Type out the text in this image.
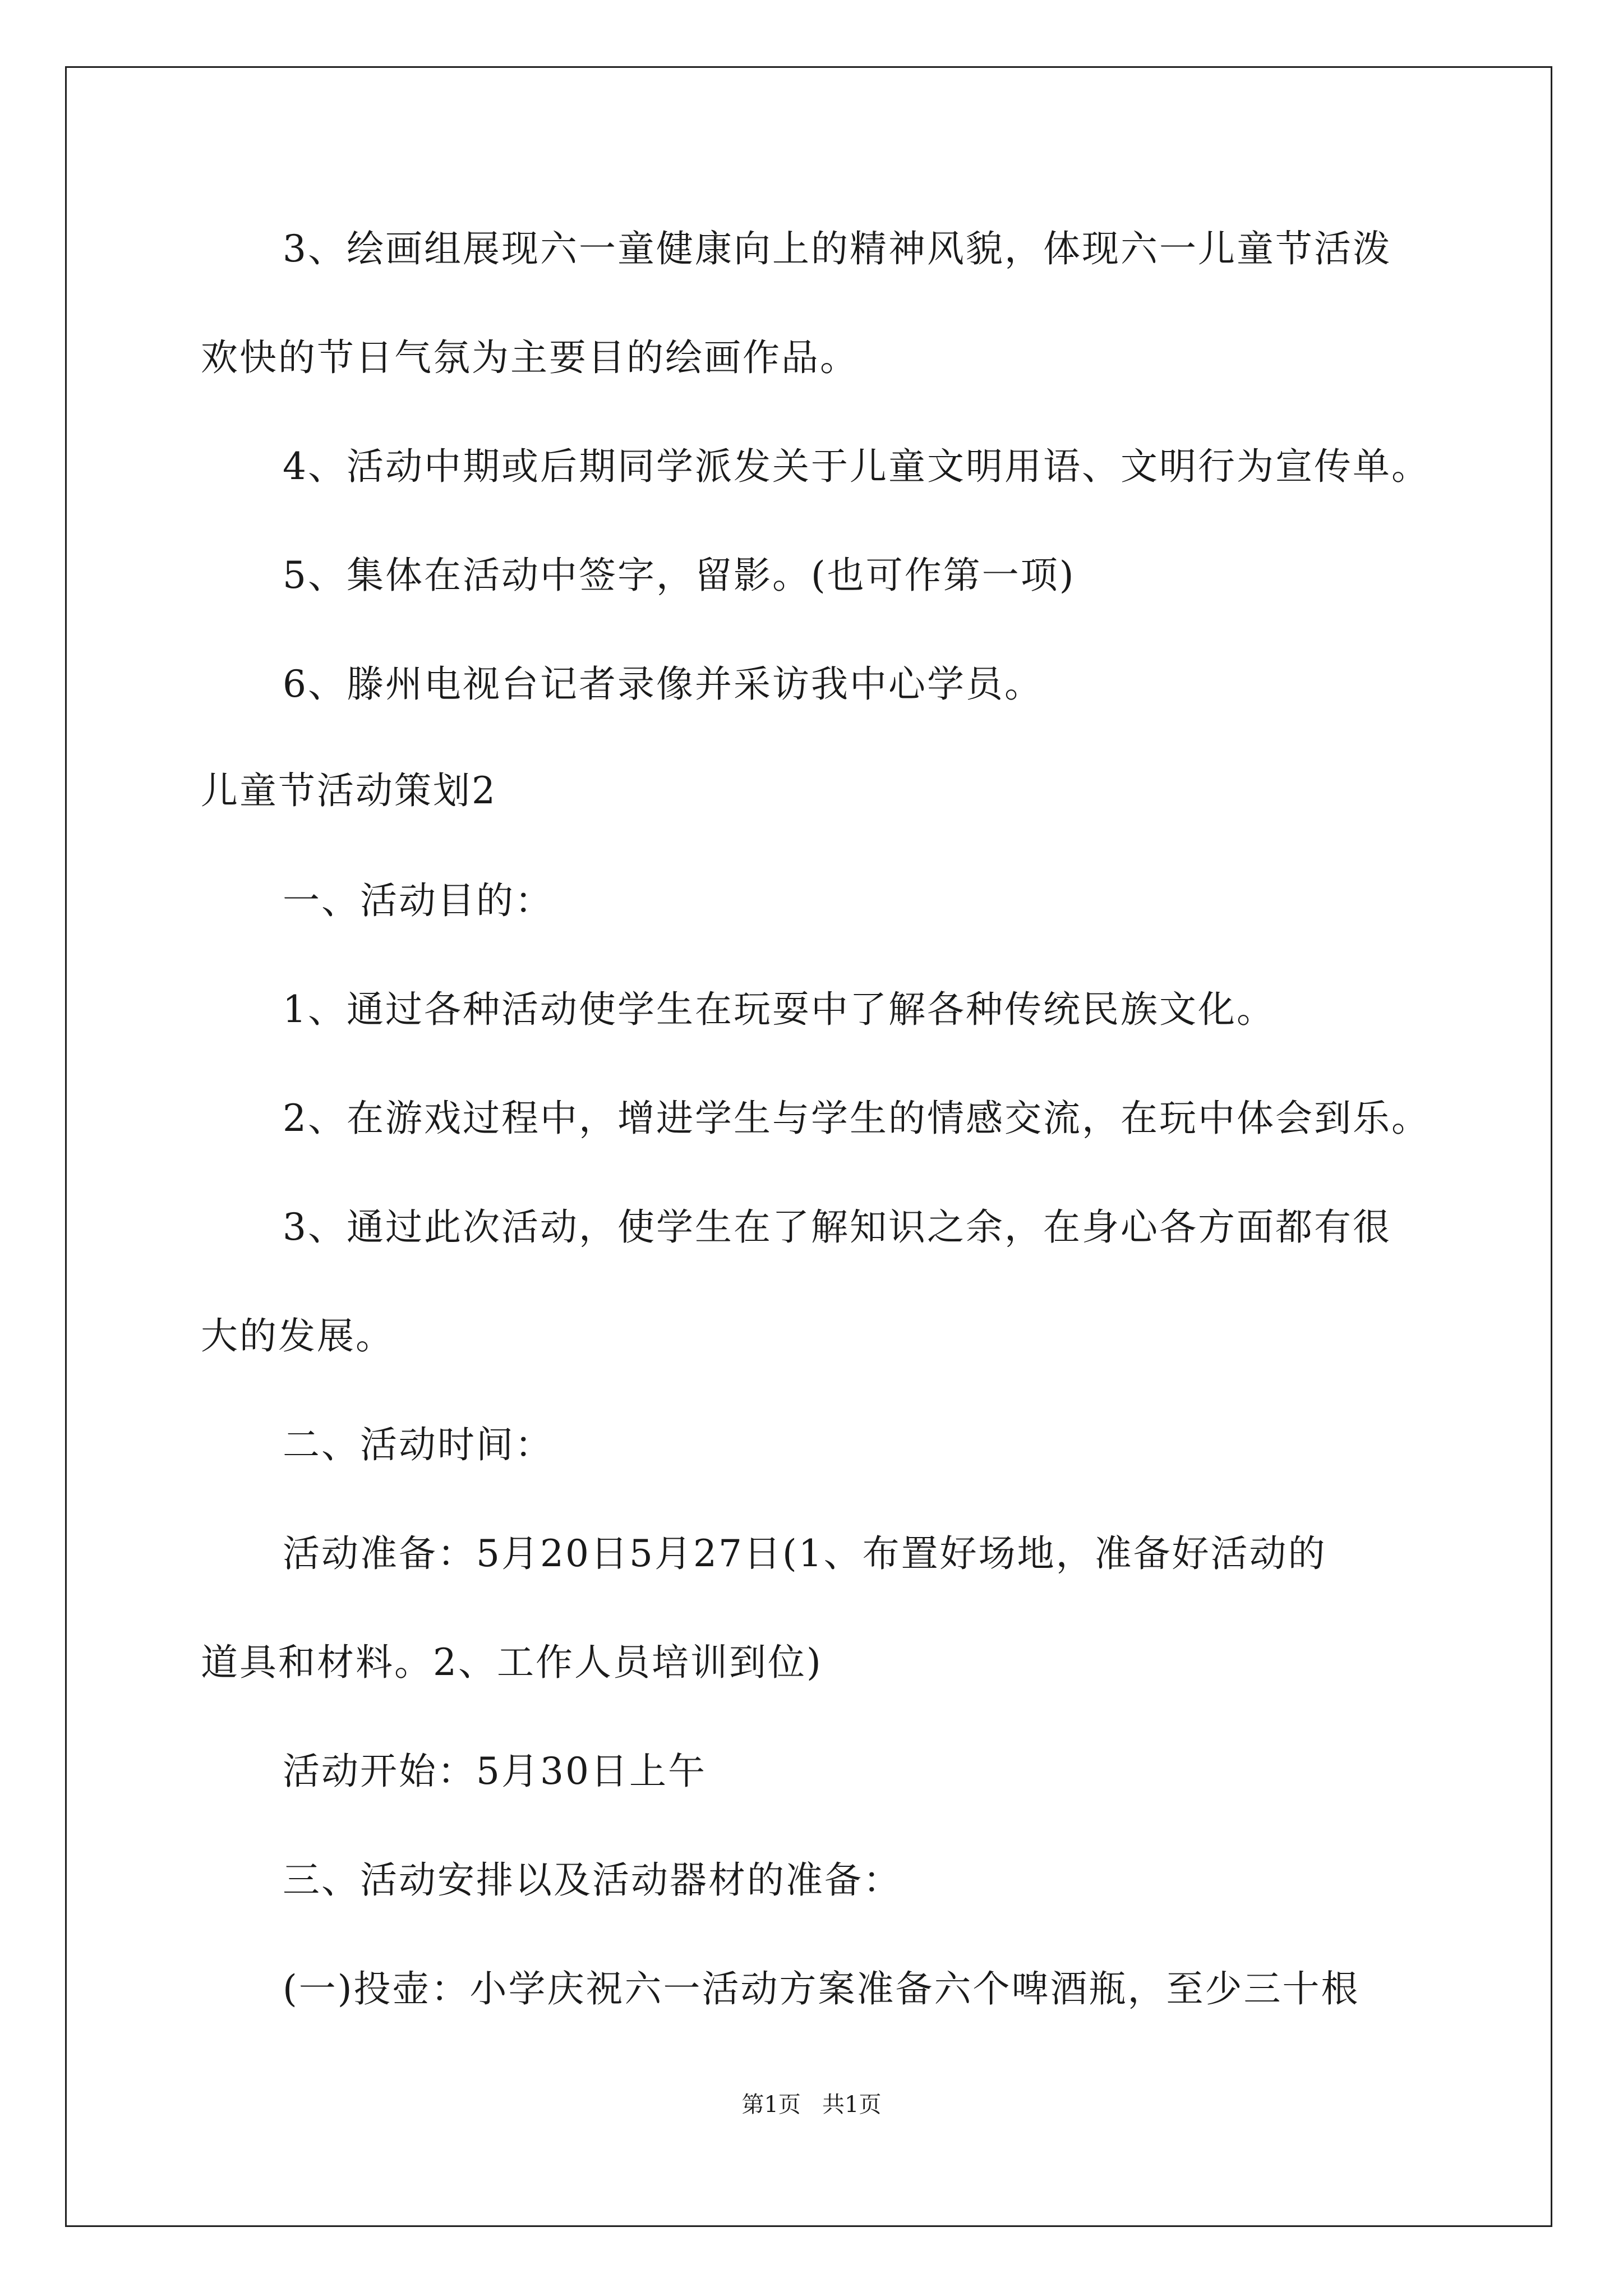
3、绘画组展现六一童健康向上的精神风貌，体现六一儿童节活泼
欢快的节日气氛为主要目的绘画作品。
4、活动中期或后期同学派发关于儿童文明用语、文明行为宣传单。
5、集体在活动中签字，留影。(也可作第一项)
6、滕州电视台记者录像并采访我中心学员。
儿童节活动策划2
一、活动目的：
1、通过各种活动使学生在玩耍中了解各种传统民族文化。
2、在游戏过程中，增进学生与学生的情感交流，在玩中体会到乐。
3、通过此次活动，使学生在了解知识之余，在身心各方面都有很
大的发展。
二、活动时间：
活动准备：5月20日5月27日(1、布置好场地，准备好活动的
道具和材料。2、工作人员培训到位)
活动开始：5月30日上午
三、活动安排以及活动器材的准备：
(一)投壶：小学庆祝六一活动方案准备六个啤酒瓶，至少三十根
第1页   共1页
